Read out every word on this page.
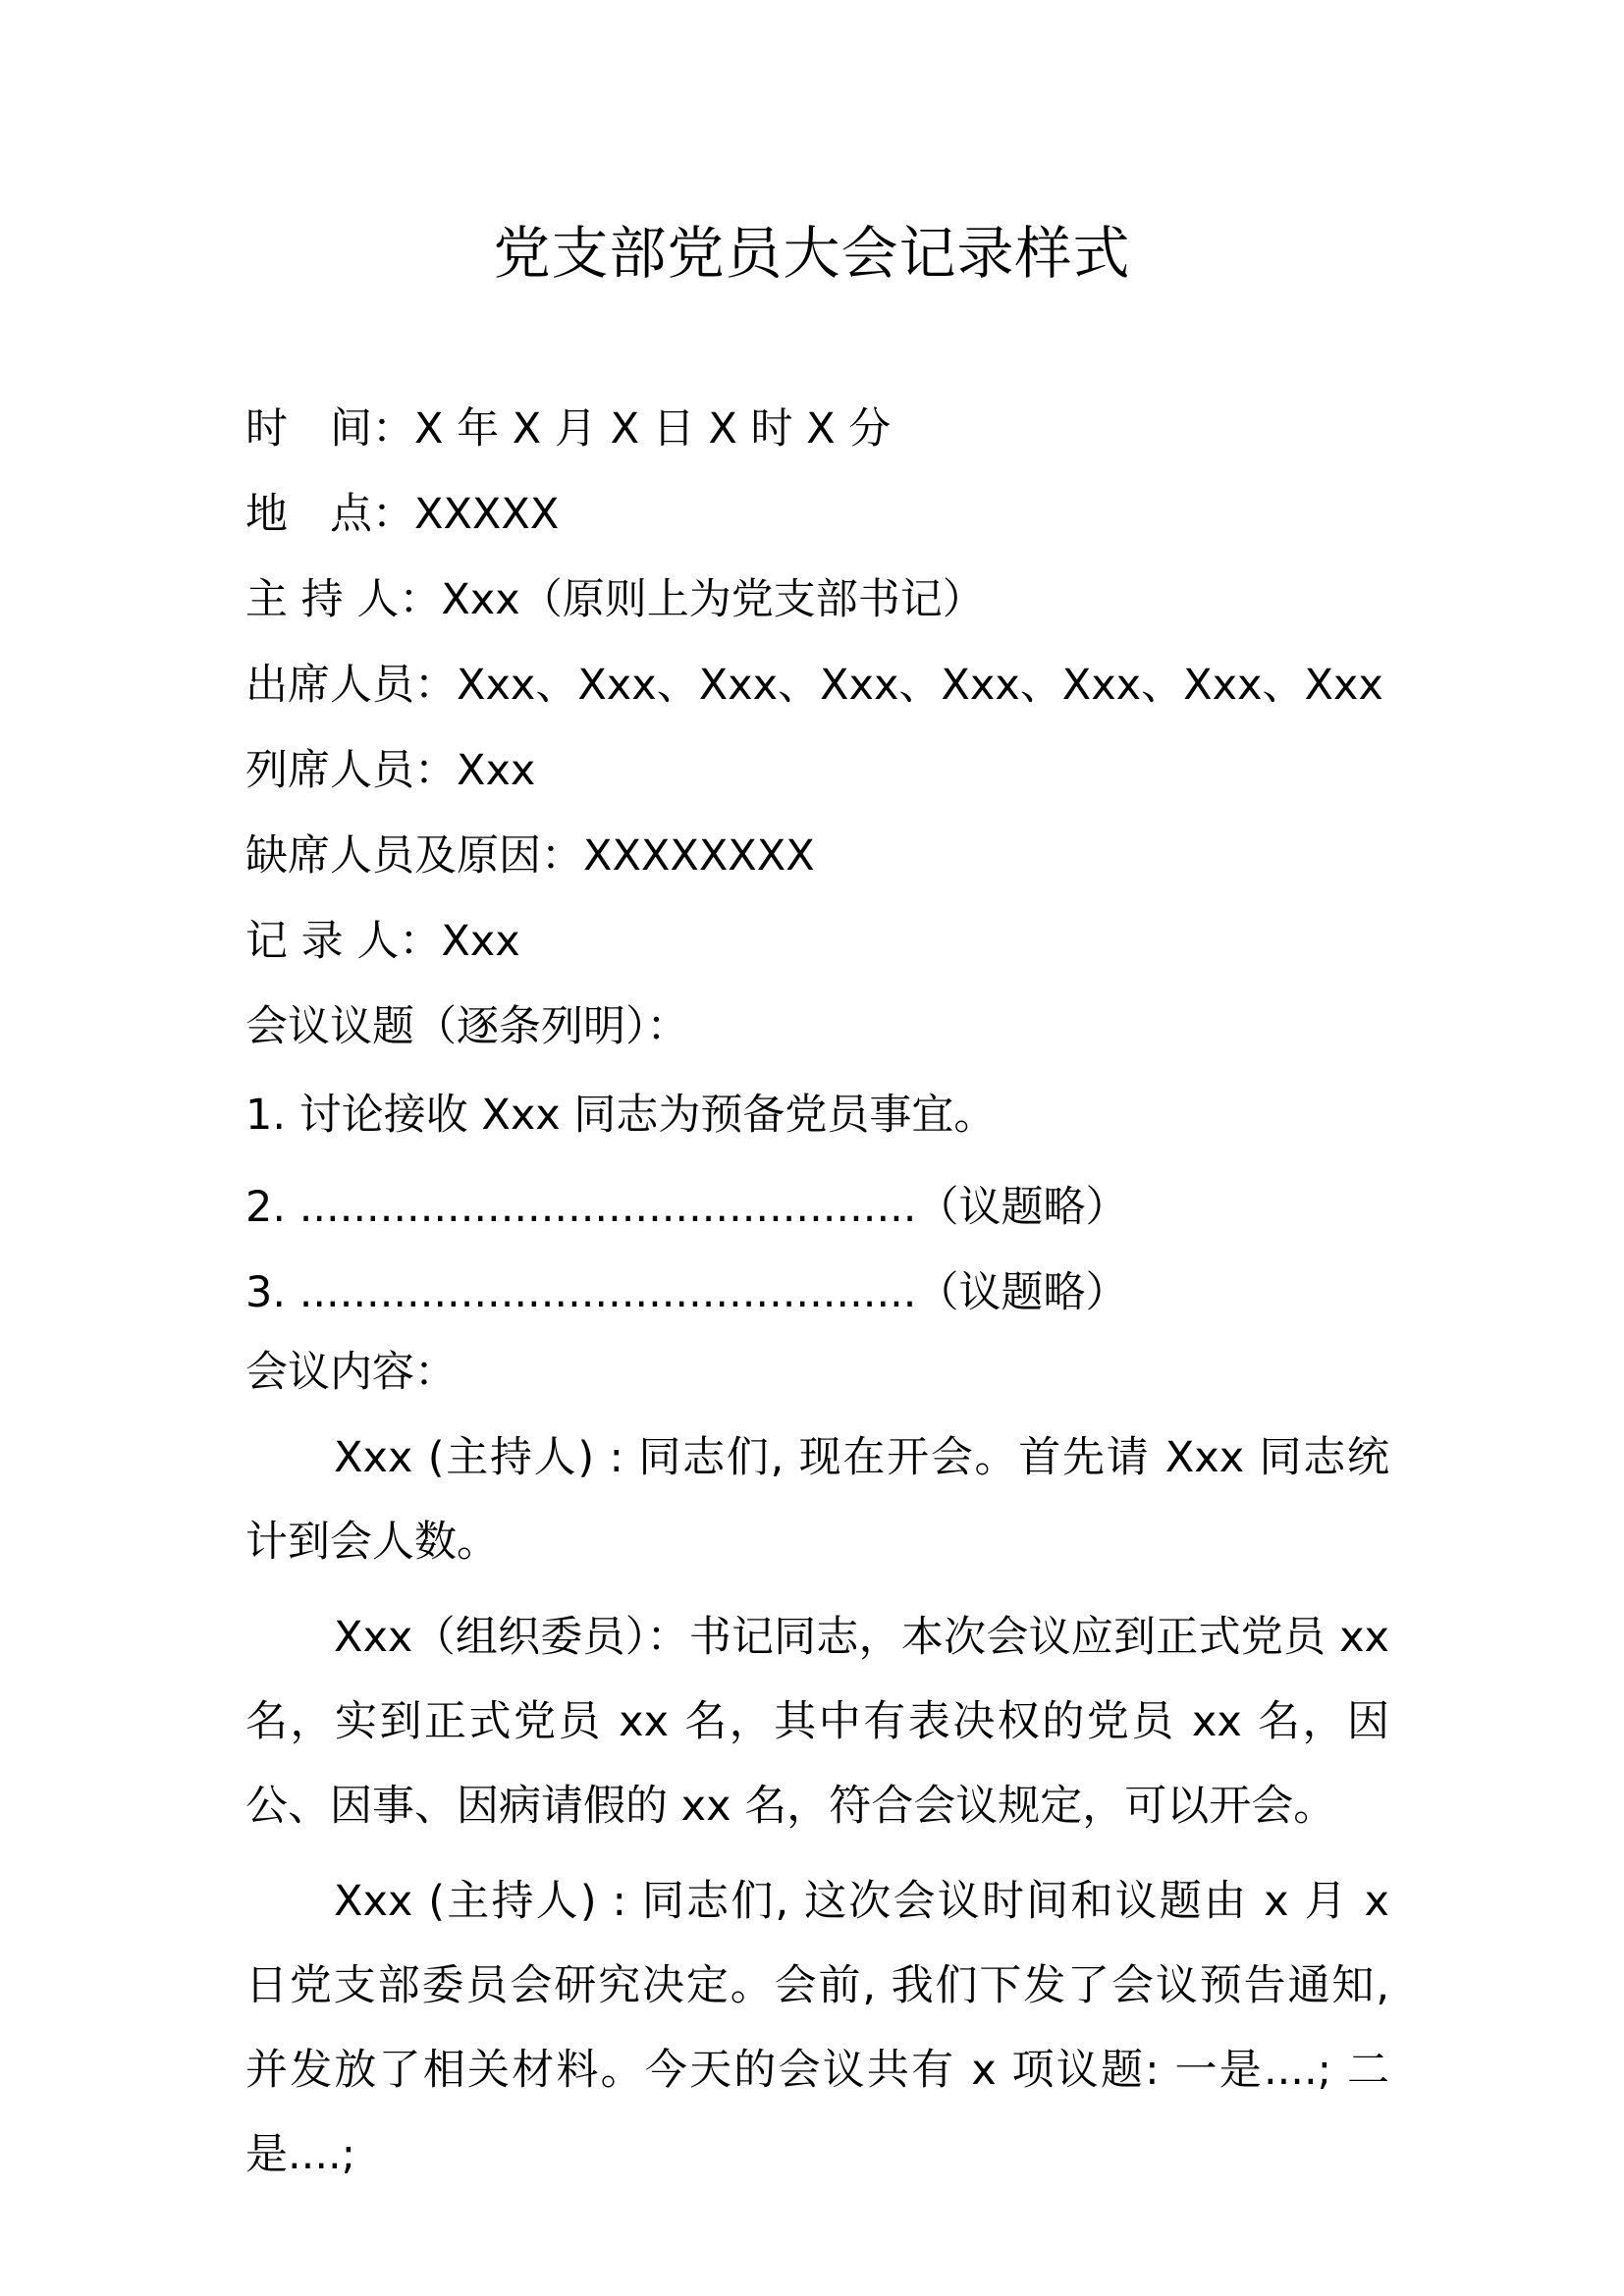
党支部党员大会记录样式
时　间：X 年 X 月 X 日 X 时 X 分
地　点：XXXXX
主 持 人：Xxx（原则上为党支部书记）
出席人员：Xxx、Xxx、Xxx、Xxx、Xxx、Xxx、Xxx、Xxx
列席人员：Xxx
缺席人员及原因：XXXXXXXX
记 录 人：Xxx
会议议题（逐条列明）：
1. 讨论接收 Xxx 同志为预备党员事宜。
2. ..............................................（议题略）
3. ..............................................（议题略）
会议内容：
Xxx (主持人) : 同志们, 现在开会。首先请 Xxx 同志统计到会人数。
Xxx（组织委员）：书记同志，本次会议应到正式党员 xx 名，实到正式党员 xx 名，其中有表决权的党员 xx 名，因公、因事、因病请假的 xx 名，符合会议规定，可以开会。
Xxx (主持人) : 同志们, 这次会议时间和议题由 x 月 x 日党支部委员会研究决定。会前, 我们下发了会议预告通知, 并发放了相关材料。今天的会议共有 x 项议题: 一是....; 二是....;
